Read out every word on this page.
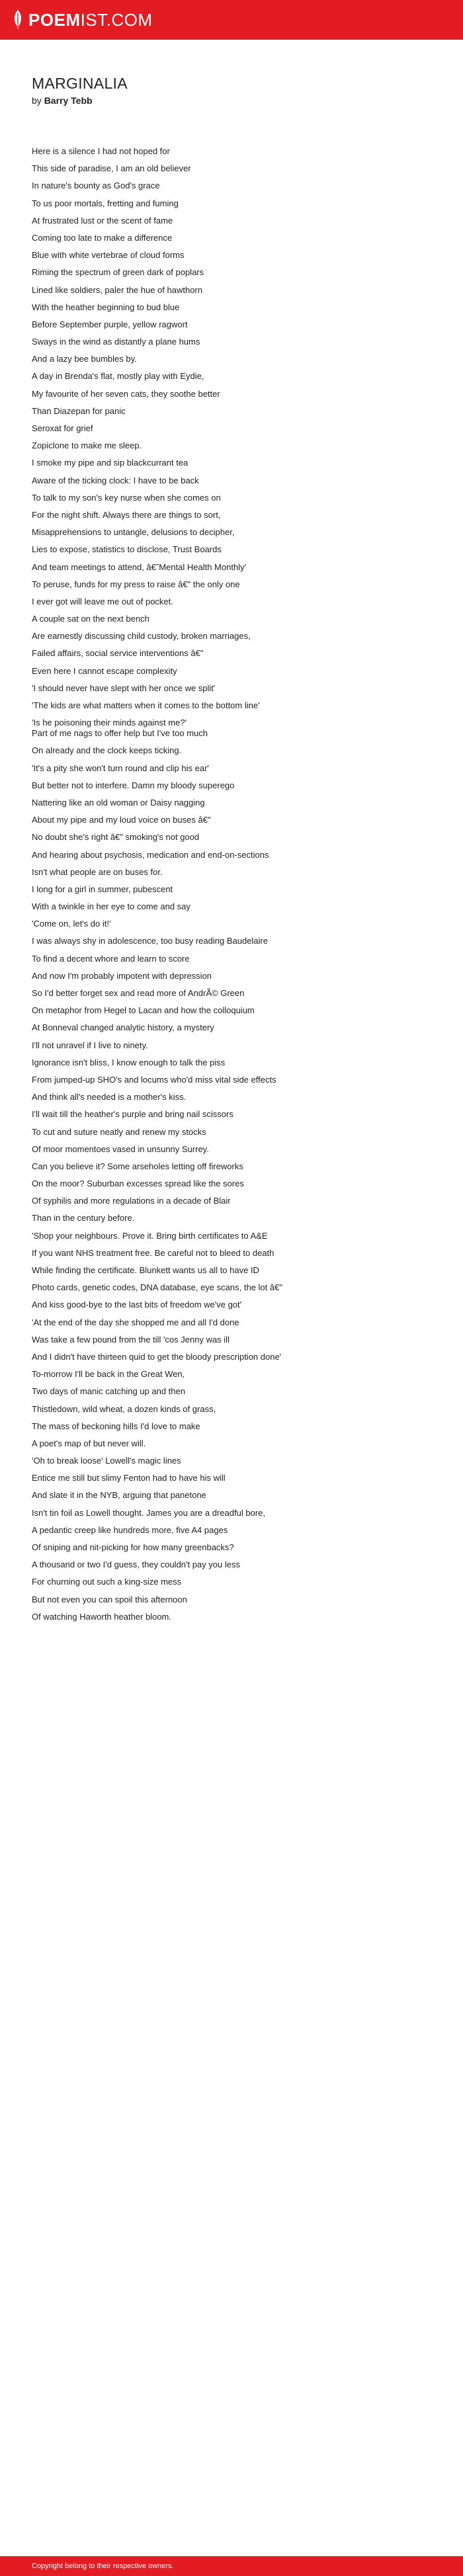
POEMIST.COM
MARGINALIA
by Barry Tebb

Here is a silence I had not hoped for

This side of paradise, I am an old believer

In nature's bounty as God's grace

To us poor mortals, fretting and fuming

At frustrated lust or the scent of fame

Coming too late to make a difference

Blue with white vertebrae of cloud forms

Riming the spectrum of green dark of poplars

Lined like soldiers, paler the hue of hawthorn

With the heather beginning to bud blue

Before September purple, yellow ragwort

Sways in the wind as distantly a plane hums

And a lazy bee bumbles by.

A day in Brenda's flat, mostly play with Eydie,

My favourite of her seven cats, they soothe better

Than Diazepan for panic

Seroxat for grief

Zopiclone to make me sleep.

I smoke my pipe and sip blackcurrant tea

Aware of the ticking clock: I have to be back

To talk to my son's key nurse when she comes on

For the night shift. Always there are things to sort,

Misapprehensions to untangle, delusions to decipher,

Lies to expose, statistics to disclose, Trust Boards

And team meetings to attend, â€˜Mental Health Monthly'

To peruse, funds for my press to raise â€" the only one

I ever got will leave me out of pocket.

A couple sat on the next bench

Are earnestly discussing child custody, broken marriages,

Failed affairs, social service interventions â€"

Even here I cannot escape complexity

'I should never have slept with her once we split'

'The kids are what matters when it comes to the bottom line'

'Is he poisoning their minds against me?'
Part of me nags to offer help but I've too much

On already and the clock keeps ticking.

'It's a pity she won't turn round and clip his ear'

But better not to interfere. Damn my bloody superego

Nattering like an old woman or Daisy nagging

About my pipe and my loud voice on buses â€"

No doubt she's right â€" smoking's not good

And hearing about psychosis, medication and end-on-sections

Isn't what people are on buses for.

I long for a girl in summer, pubescent

With a twinkle in her eye to come and say

'Come on, let's do it!'

I was always shy in adolescence, too busy reading Baudelaire

To find a decent whore and learn to score

And now I'm probably impotent with depression

So I'd better forget sex and read more of AndrÃ© Green

On metaphor from Hegel to Lacan and how the colloquium

At Bonneval changed analytic history, a mystery

I'll not unravel if I live to ninety.

Ignorance isn't bliss, I know enough to talk the piss

From jumped-up SHO's and locums who'd miss vital side effects

And think all's needed is a mother's kiss.

I'll wait till the heather's purple and bring nail scissors

To cut and suture neatly and renew my stocks

Of moor momentoes vased in unsunny Surrey.

Can you believe it? Some arseholes letting off fireworks

On the moor? Suburban excesses spread like the sores

Of syphilis and more regulations in a decade of Blair

Than in the century before.

'Shop your neighbours. Prove it. Bring birth certificates to A&E

If you want NHS treatment free. Be careful not to bleed to death

While finding the certificate. Blunkett wants us all to have ID

Photo cards, genetic codes, DNA database, eye scans, the lot â€"

And kiss good-bye to the last bits of freedom we've got'

'At the end of the day she shopped me and all I'd done

Was take a few pound from the till 'cos Jenny was ill

And I didn't have thirteen quid to get the bloody prescription done'

To-morrow I'll be back in the Great Wen,

Two days of manic catching up and then

Thistledown, wild wheat, a dozen kinds of grass,

The mass of beckoning hills I'd love to make

A poet's map of but never will.

'Oh to break loose' Lowell's magic lines

Entice me still but slimy Fenton had to have his will

And slate it in the NYB, arguing that panetone

Isn't tin foil as Lowell thought. James you are a dreadful bore,

A pedantic creep like hundreds more, five A4 pages

Of sniping and nit-picking for how many greenbacks?

A thousand or two I'd guess, they couldn't pay you less

For churning out such a king-size mess

But not even you can spoil this afternoon

Of watching Haworth heather bloom.

Copyright belong to their respective owners.
